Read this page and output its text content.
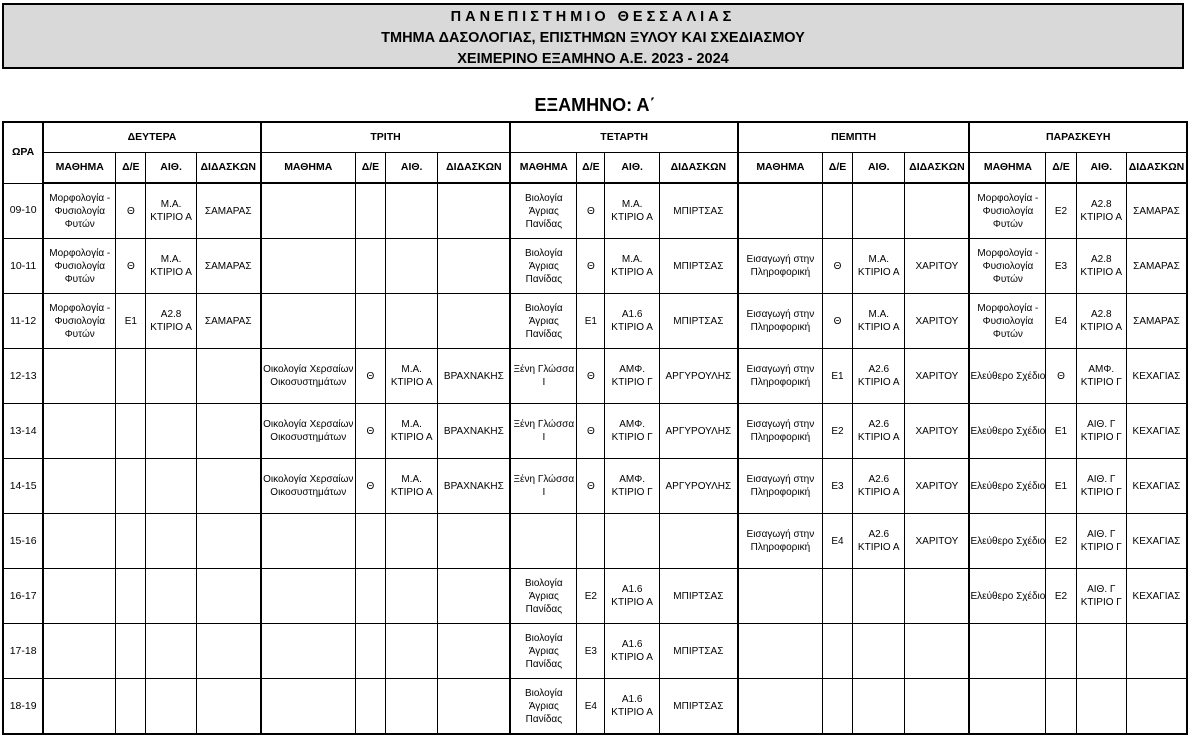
ΠΑΝΕΠΙΣΤΗΜΙΟ ΘΕΣΣΑΛΙΑΣ
ΤΜΗΜΑ ΔΑΣΟΛΟΓΙΑΣ, ΕΠΙΣΤΗΜΩΝ ΞΥΛΟΥ ΚΑΙ ΣΧΕΔΙΑΣΜΟΥ
ΧΕΙΜΕΡΙΝΟ ΕΞΑΜΗΝΟ Α.Ε. 2023 - 2024
ΕΞΑΜΗΝΟ: Α΄
ΩΡΑ	ΔΕΥΤΕΡΑ				ΤΡΙΤΗ				ΤΕΤΑΡΤΗ				ΠΕΜΠΤΗ				ΠΑΡΑΣΚΕΥΗ			
	ΜΑΘΗΜΑ	Δ/Ε	ΑΙΘ.	ΔΙΔΑΣΚΩΝ	ΜΑΘΗΜΑ	Δ/Ε	ΑΙΘ.	ΔΙΔΑΣΚΩΝ	ΜΑΘΗΜΑ	Δ/Ε	ΑΙΘ.	ΔΙΔΑΣΚΩΝ	ΜΑΘΗΜΑ	Δ/Ε	ΑΙΘ.	ΔΙΔΑΣΚΩΝ	ΜΑΘΗΜΑ	Δ/Ε	ΑΙΘ.	ΔΙΔΑΣΚΩΝ
09-10	Μορφολογία - Φυσιολογία Φυτών	Θ	Μ.Α. ΚΤΙΡΙΟ Α	ΣΑΜΑΡΑΣ					Βιολογία Άγριας Πανίδας	Θ	Μ.Α. ΚΤΙΡΙΟ Α	ΜΠΙΡΤΣΑΣ					Μορφολογία - Φυσιολογία Φυτών	Ε2	Α2.8 ΚΤΙΡΙΟ Α	ΣΑΜΑΡΑΣ
10-11	Μορφολογία - Φυσιολογία Φυτών	Θ	Μ.Α. ΚΤΙΡΙΟ Α	ΣΑΜΑΡΑΣ					Βιολογία Άγριας Πανίδας	Θ	Μ.Α. ΚΤΙΡΙΟ Α	ΜΠΙΡΤΣΑΣ	Εισαγωγή στην Πληροφορική	Θ	Μ.Α. ΚΤΙΡΙΟ Α	ΧΑΡΙΤΟΥ	Μορφολογία - Φυσιολογία Φυτών	Ε3	Α2.8 ΚΤΙΡΙΟ Α	ΣΑΜΑΡΑΣ
11-12	Μορφολογία - Φυσιολογία Φυτών	Ε1	Α2.8 ΚΤΙΡΙΟ Α	ΣΑΜΑΡΑΣ					Βιολογία Άγριας Πανίδας	Ε1	Α1.6 ΚΤΙΡΙΟ Α	ΜΠΙΡΤΣΑΣ	Εισαγωγή στην Πληροφορική	Θ	Μ.Α. ΚΤΙΡΙΟ Α	ΧΑΡΙΤΟΥ	Μορφολογία - Φυσιολογία Φυτών	Ε4	Α2.8 ΚΤΙΡΙΟ Α	ΣΑΜΑΡΑΣ
12-13					Οικολογία Χερσαίων Οικοσυστημάτων	Θ	Μ.Α. ΚΤΙΡΙΟ Α	ΒΡΑΧΝΑΚΗΣ	Ξένη Γλώσσα Ι	Θ	ΑΜΦ. ΚΤΙΡΙΟ Γ	ΑΡΓΥΡΟΥΛΗΣ	Εισαγωγή στην Πληροφορική	Ε1	Α2.6 ΚΤΙΡΙΟ Α	ΧΑΡΙΤΟΥ	Ελεύθερο Σχέδιο	Θ	ΑΜΦ. ΚΤΙΡΙΟ Γ	ΚΕΧΑΓΙΑΣ
13-14					Οικολογία Χερσαίων Οικοσυστημάτων	Θ	Μ.Α. ΚΤΙΡΙΟ Α	ΒΡΑΧΝΑΚΗΣ	Ξένη Γλώσσα Ι	Θ	ΑΜΦ. ΚΤΙΡΙΟ Γ	ΑΡΓΥΡΟΥΛΗΣ	Εισαγωγή στην Πληροφορική	Ε2	Α2.6 ΚΤΙΡΙΟ Α	ΧΑΡΙΤΟΥ	Ελεύθερο Σχέδιο	Ε1	ΑΙΘ. Γ ΚΤΙΡΙΟ Γ	ΚΕΧΑΓΙΑΣ
14-15					Οικολογία Χερσαίων Οικοσυστημάτων	Θ	Μ.Α. ΚΤΙΡΙΟ Α	ΒΡΑΧΝΑΚΗΣ	Ξένη Γλώσσα Ι	Θ	ΑΜΦ. ΚΤΙΡΙΟ Γ	ΑΡΓΥΡΟΥΛΗΣ	Εισαγωγή στην Πληροφορική	Ε3	Α2.6 ΚΤΙΡΙΟ Α	ΧΑΡΙΤΟΥ	Ελεύθερο Σχέδιο	Ε1	ΑΙΘ. Γ ΚΤΙΡΙΟ Γ	ΚΕΧΑΓΙΑΣ
15-16													Εισαγωγή στην Πληροφορική	Ε4	Α2.6 ΚΤΙΡΙΟ Α	ΧΑΡΙΤΟΥ	Ελεύθερο Σχέδιο	Ε2	ΑΙΘ. Γ ΚΤΙΡΙΟ Γ	ΚΕΧΑΓΙΑΣ
16-17									Βιολογία Άγριας Πανίδας	Ε2	Α1.6 ΚΤΙΡΙΟ Α	ΜΠΙΡΤΣΑΣ					Ελεύθερο Σχέδιο	Ε2	ΑΙΘ. Γ ΚΤΙΡΙΟ Γ	ΚΕΧΑΓΙΑΣ
17-18									Βιολογία Άγριας Πανίδας	Ε3	Α1.6 ΚΤΙΡΙΟ Α	ΜΠΙΡΤΣΑΣ								
18-19									Βιολογία Άγριας Πανίδας	Ε4	Α1.6 ΚΤΙΡΙΟ Α	ΜΠΙΡΤΣΑΣ								
